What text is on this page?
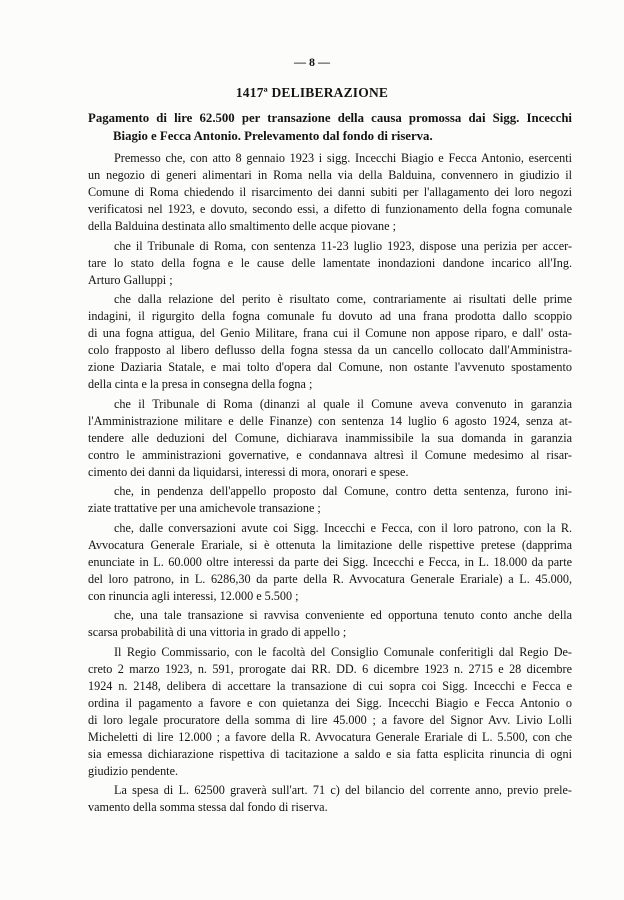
— 8 —
1417ª DELIBERAZIONE
Pagamento di lire 62.500 per transazione della causa promossa dai Sigg. Incecchi
Biagio e Fecca Antonio. Prelevamento dal fondo di riserva.
Premesso che, con atto 8 gennaio 1923 i sigg. Incecchi Biagio e Fecca Antonio, esercenti
un negozio di generi alimentari in Roma nella via della Balduina, convennero in giudizio il
Comune di Roma chiedendo il risarcimento dei danni subiti per l'allagamento dei loro negozi
verificatosi nel 1923, e dovuto, secondo essi, a difetto di funzionamento della fogna comunale
della Balduina destinata allo smaltimento delle acque piovane ;
che il Tribunale di Roma, con sentenza 11-23 luglio 1923, dispose una perizia per accer-
tare lo stato della fogna e le cause delle lamentate inondazioni dandone incarico all'Ing.
Arturo Galluppi ;
che dalla relazione del perito è risultato come, contrariamente ai risultati delle prime
indagini, il rigurgito della fogna comunale fu dovuto ad una frana prodotta dallo scoppio
di una fogna attigua, del Genio Militare, frana cui il Comune non appose riparo, e dall' osta-
colo frapposto al libero deflusso della fogna stessa da un cancello collocato dall'Amministra-
zione Daziaria Statale, e mai tolto d'opera dal Comune, non ostante l'avvenuto spostamento
della cinta e la presa in consegna della fogna ;
che il Tribunale di Roma (dinanzi al quale il Comune aveva convenuto in garanzia
l'Amministrazione militare e delle Finanze) con sentenza 14 luglio 6 agosto 1924, senza at-
tendere alle deduzioni del Comune, dichiarava inammissibile la sua domanda in garanzia
contro le amministrazioni governative, e condannava altresì il Comune medesimo al risar-
cimento dei danni da liquidarsi, interessi di mora, onorari e spese.
che, in pendenza dell'appello proposto dal Comune, contro detta sentenza, furono ini-
ziate trattative per una amichevole transazione ;
che, dalle conversazioni avute coi Sigg. Incecchi e Fecca, con il loro patrono, con la R.
Avvocatura Generale Erariale, si è ottenuta la limitazione delle rispettive pretese (dapprima
enunciate in L. 60.000 oltre interessi da parte dei Sigg. Incecchi e Fecca, in L. 18.000 da parte
del loro patrono, in L. 6286,30 da parte della R. Avvocatura Generale Erariale) a L. 45.000,
con rinuncia agli interessi, 12.000 e 5.500 ;
che, una tale transazione si ravvisa conveniente ed opportuna tenuto conto anche della
scarsa probabilità di una vittoria in grado di appello ;
Il Regio Commissario, con le facoltà del Consiglio Comunale conferitigli dal Regio De-
creto 2 marzo 1923, n. 591, prorogate dai RR. DD. 6 dicembre 1923 n. 2715 e 28 dicembre
1924 n. 2148, delibera di accettare la transazione di cui sopra coi Sigg. Incecchi e Fecca e
ordina il pagamento a favore e con quietanza dei Sigg. Incecchi Biagio e Fecca Antonio o
di loro legale procuratore della somma di lire 45.000 ; a favore del Signor Avv. Livio Lolli
Micheletti di lire 12.000 ; a favore della R. Avvocatura Generale Erariale di L. 5.500, con che
sia emessa dichiarazione rispettiva di tacitazione a saldo e sia fatta esplicita rinuncia di ogni
giudizio pendente.
La spesa di L. 62500 graverà sull'art. 71 c) del bilancio del corrente anno, previo prele-
vamento della somma stessa dal fondo di riserva.
